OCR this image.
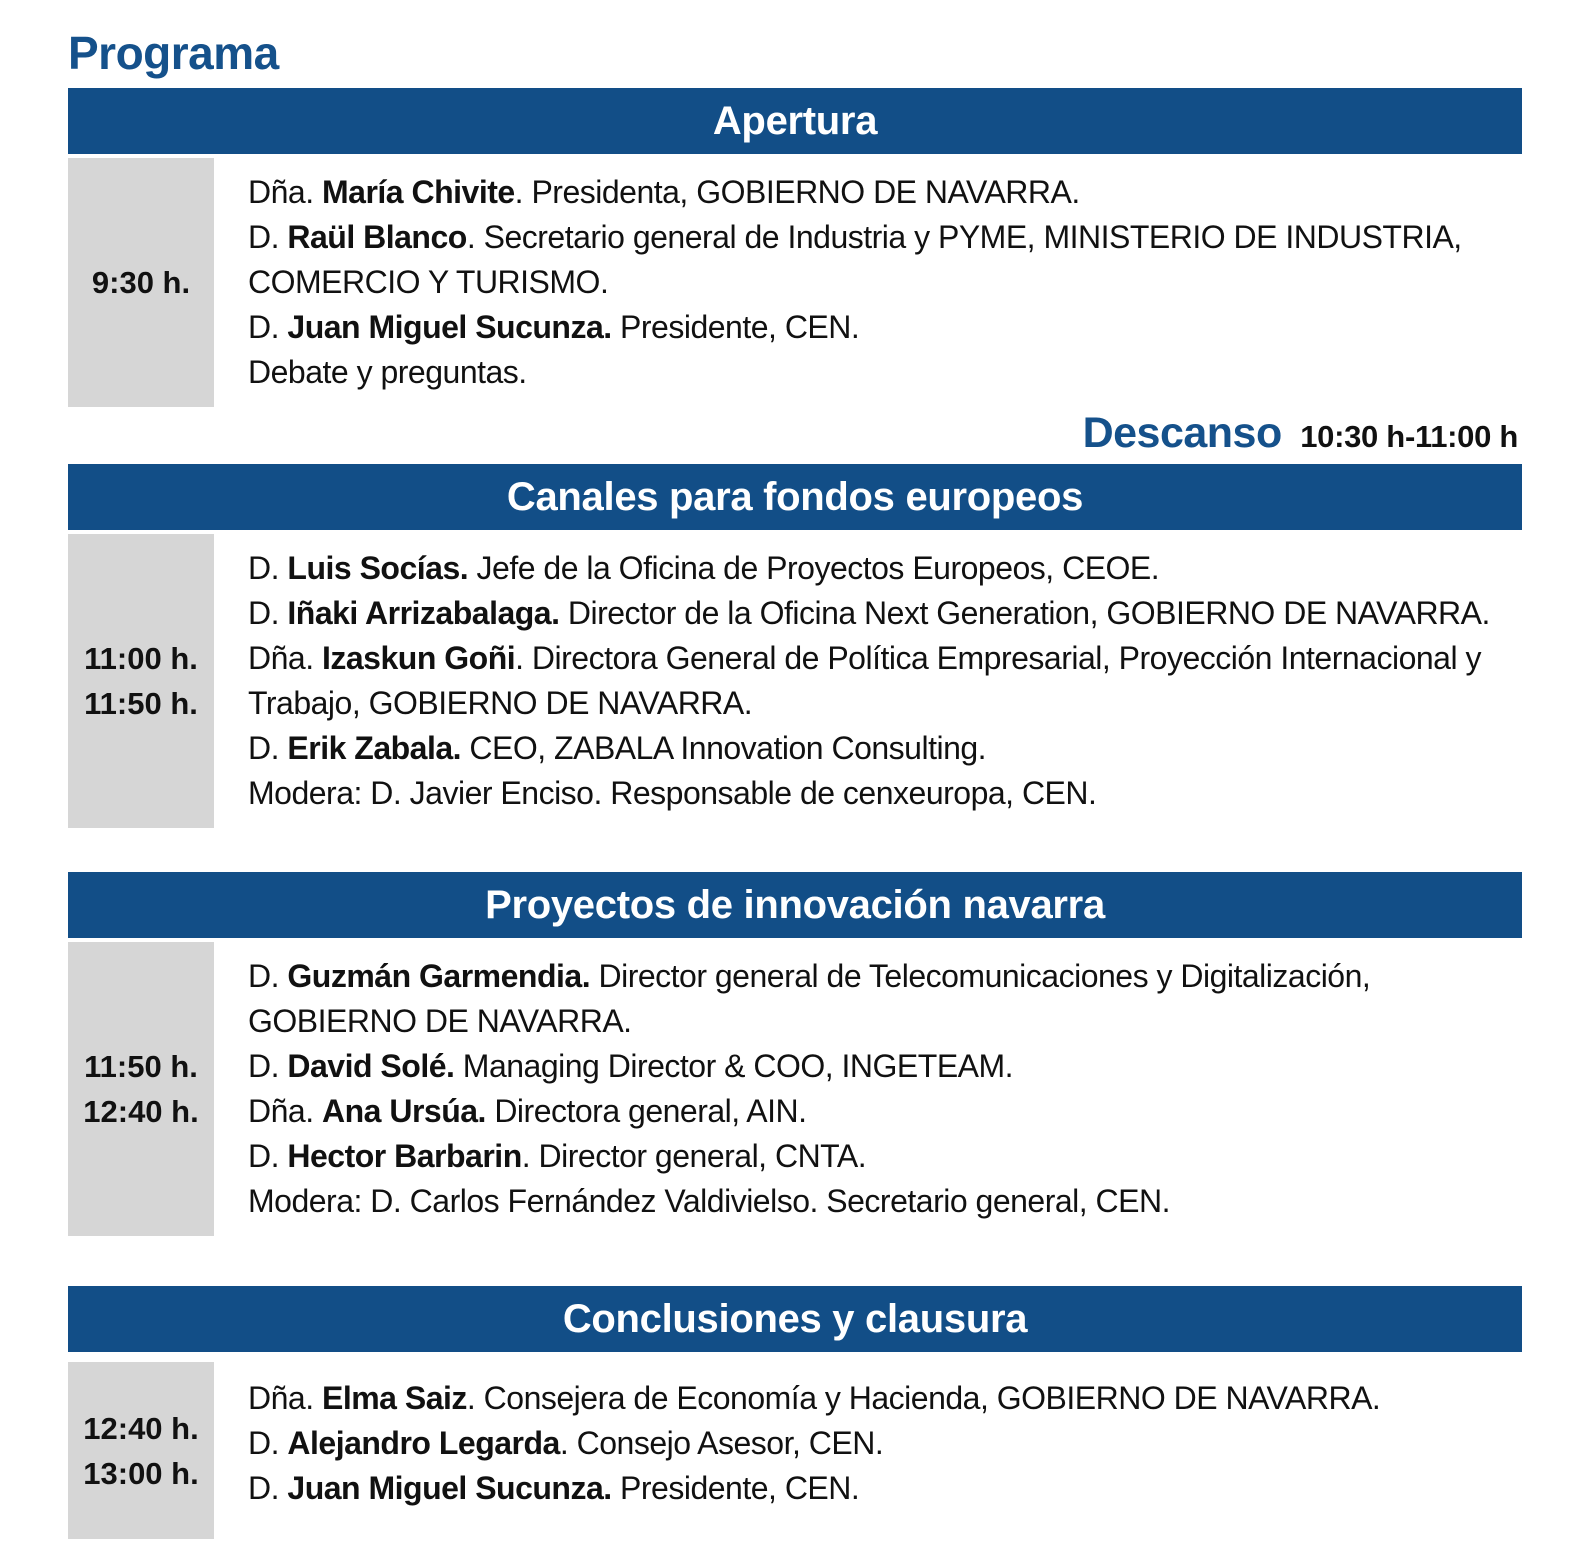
Programa
Apertura
9:30 h.
Dña. María Chivite. Presidenta, GOBIERNO DE NAVARRA.
D. Raül Blanco. Secretario general de Industria y PYME, MINISTERIO DE INDUSTRIA, COMERCIO Y TURISMO.
D. Juan Miguel Sucunza. Presidente, CEN.
Debate y preguntas.
Descanso 10:30 h-11:00 h
Canales para fondos europeos
11:00 h.
11:50 h.
D. Luis Socías. Jefe de la Oficina de Proyectos Europeos, CEOE.
D. Iñaki Arrizabalaga. Director de la Oficina Next Generation, GOBIERNO DE NAVARRA.
Dña. Izaskun Goñi. Directora General de Política Empresarial, Proyección Internacional y Trabajo, GOBIERNO DE NAVARRA.
D. Erik Zabala. CEO, ZABALA Innovation Consulting.
Modera: D. Javier Enciso. Responsable de cenxeuropa, CEN.
Proyectos de innovación navarra
11:50 h.
12:40 h.
D. Guzmán Garmendia. Director general de Telecomunicaciones y Digitalización, GOBIERNO DE NAVARRA.
D. David Solé. Managing Director & COO, INGETEAM.
Dña. Ana Ursúa. Directora general, AIN.
D. Hector Barbarin. Director general, CNTA.
Modera: D. Carlos Fernández Valdivielso. Secretario general, CEN.
Conclusiones y clausura
12:40 h.
13:00 h.
Dña. Elma Saiz. Consejera de Economía y Hacienda, GOBIERNO DE NAVARRA.
D. Alejandro Legarda. Consejo Asesor, CEN.
D. Juan Miguel Sucunza. Presidente, CEN.
